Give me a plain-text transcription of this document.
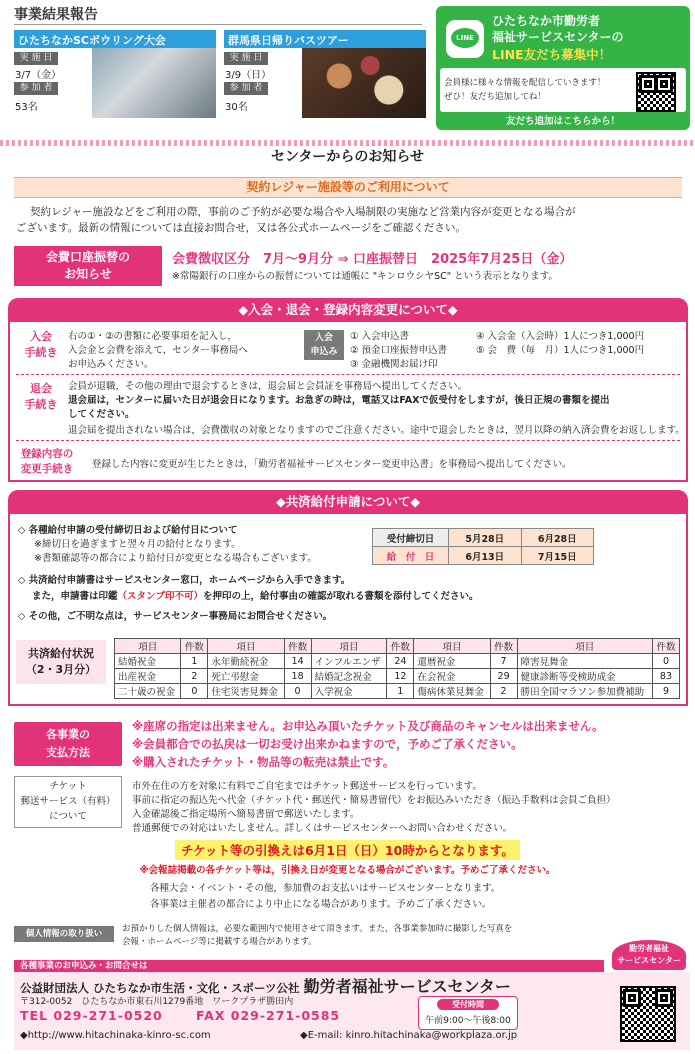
事業結果報告
ひたちなかSCボウリング大会
実 施 日
3/7（金）
参 加 者
53名
群馬県日帰りバスツアー
実 施 日
3/9（日）
参 加 者
30名
LINE
ひたちなか市勤労者
福祉サービスセンターの
LINE友だち募集中！
会員様に様々な情報を配信していきます！
ぜひ！友だち追加してね！
友だち追加はこちらから！
センターからのお知らせ
契約レジャー施設等のご利用について
契約レジャー施設などをご利用の際，事前のご予約が必要な場合や入場制限の実施など営業内容が変更となる場合が
ございます。最新の情報については直接お問合せ，又は各公式ホームページをご確認ください。
会費口座振替の
お知らせ
会費徴収区分　7月～9月分 ⇒ 口座振替日　2025年7月25日（金）
※常陽銀行の口座からの振替については通帳に "キンロウシヤSC" という表示となります。
◆入会・退会・登録内容変更について◆
入会
手続き
右の①・②の書類に必要事項を記入し，
入会金と会費を添えて，センター事務局へ
お申込みください。
入会
申込み
① 入会申込書
② 預金口座振替申込書
③ 金融機関お届け印
④ 入会金（入会時）1人につき1,000円
⑤ 会　費（毎　月）1人につき1,000円
退会
手続き
会員が退職，その他の理由で退会するときは，退会届と会員証を事務局へ提出してください。
退会届は，センターに届いた日が退会日になります。お急ぎの時は，電話又はFAXで仮受付をしますが，後日正規の書類を提出
してください。
退会届を提出されない場合は，会費徴収の対象となりますのでご注意ください。途中で退会したときは，翌月以降の納入済会費をお返しします。
登録内容の
変更手続き	登録した内容に変更が生じたときは，「勤労者福祉サービスセンター変更申込書」を事務局へ提出してください。
◆共済給付申請について◆
◇ 各種給付申請の受付締切日および給付日について
※締切日を過ぎますと翌々月の給付となります。
※書類確認等の都合により給付日が変更となる場合もございます。
受付締切日	5月28日	6月28日
給　付　日	6月13日	7月15日
◇ 共済給付申請書はサービスセンター窓口，ホームページから入手できます。
また，申請書は印鑑（スタンプ印不可）を押印の上，給付事由の確認が取れる書類を添付してください。
◇ その他，ご不明な点は，サービスセンター事務局にお問合せください。
共済給付状況
（2・3月分）
項目	件数	項目	件数	項目	件数	項目	件数	項目	件数
結婚祝金	1	永年勤続祝金	14	インフルエンザ	24	還暦祝金	7	障害見舞金	0
出産祝金	2	死亡弔慰金	18	結婚記念祝金	12	在会祝金	29	健康診断等受検助成金	83
二十歳の祝金	0	住宅災害見舞金	0	入学祝金	1	傷病休業見舞金	2	勝田全国マラソン参加費補助	9
各事業の
支払方法
※座席の指定は出来ません。お申込み頂いたチケット及び商品のキャンセルは出来ません。
※会員都合での払戻は一切お受け出来かねますので，予めご了承ください。
※購入されたチケット・物品等の転売は禁止です。
チケット
郵送サービス（有料）
について
市外在住の方を対象に有料でご自宅まではチケット郵送サービスを行っています。
事前に指定の振込先へ代金（チケット代・郵送代・簡易書留代）をお振込みいただき（振込手数料は会員ご負担）
入金確認後ご指定場所へ簡易書留で郵送いたします。
普通郵便での対応はいたしません。詳しくはサービスセンターへお問い合わせください。
チケット等の引換えは6月1日（日）10時からとなります。
※会報誌掲載の各チケット等は，引換え日が変更となる場合がございます。予めご了承ください。
各種大会・イベント・その他，参加費のお支払いはサービスセンターとなります。
各事業は主催者の都合により中止になる場合があります。予めご了承ください。
個人情報の取り扱い	お預かりした個人情報は，必要な範囲内で使用させて頂きます。また，各事業参加時に撮影した写真を
会報・ホームページ等に掲載する場合があります。
公益財団法人 ひたちなか市生活・文化・スポーツ公社 勤労者福祉サービスセンター
〒312-0052　ひたちなか市東石川1279番地　ワークプラザ勝田内
TEL 029-271-0520	FAX 029-271-0585
受付時間
午前9:00～午後8:00
◆http://www.hitachinaka-kinro-sc.com	◆E-mail: kinro.hitachinaka@workplaza.or.jp
各種事業のお申込み・お問合せは
勤労者福祉
サービスセンター
